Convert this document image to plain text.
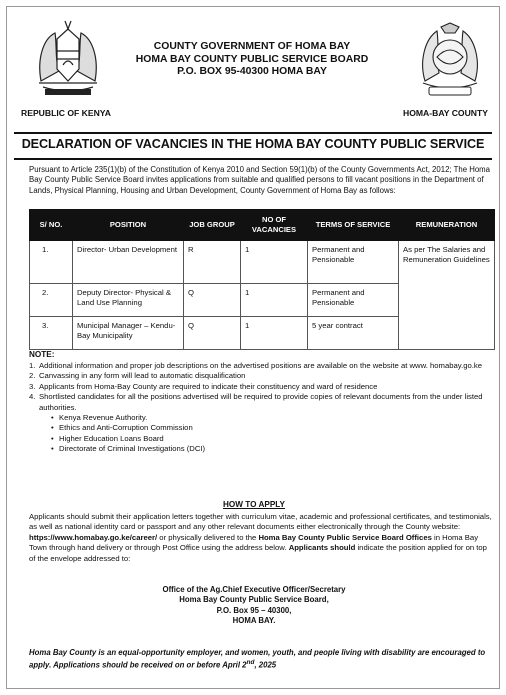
REPUBLIC OF KENYA
COUNTY GOVERNMENT OF HOMA BAY
HOMA BAY COUNTY PUBLIC SERVICE BOARD
P.O. BOX 95-40300 HOMA BAY
HOMA-BAY COUNTY
DECLARATION OF VACANCIES IN THE HOMA BAY COUNTY PUBLIC SERVICE
Pursuant to Article 235(1)(b) of the Constitution of Kenya 2010 and Section 59(1)(b) of the County Governments Act, 2012; The Homa Bay County Public Service Board invites applications from suitable and qualified persons to fill vacant positions in the Department of Lands, Physical Planning, Housing and Urban Development, County Government of Homa Bay as follows:
S/ NO.	POSITION	JOB GROUP	NO OF VACANCIES	TERMS OF SERVICE	REMUNERATION
1.	Director- Urban Development	R	1	Permanent and Pensionable	As per The Salaries and Remuneration Guidelines
2.	Deputy Director- Physical & Land Use Planning	Q	1	Permanent and Pensionable	
3.	Municipal Manager – Kendu-Bay Municipality	Q	1	5 year contract	
NOTE:
1. Additional information and proper job descriptions on the advertised positions are available on the website at www. homabay.go.ke
2. Canvassing in any form will lead to automatic disqualification
3. Applicants from Homa-Bay County are required to indicate their constituency and ward of residence
4. Shortlisted candidates for all the positions advertised will be required to provide copies of relevant documents from the under listed authorities.
• Kenya Revenue Authority.
• Ethics and Anti-Corruption Commission
• Higher Education Loans Board
• Directorate of Criminal Investigations (DCI)
HOW TO APPLY
Applicants should submit their application letters together with curriculum vitae, academic and professional certificates, and testimonials, as well as national identity card or passport and any other relevant documents either electronically through the County website: https://www.homabay.go.ke/career/ or physically delivered to the Homa Bay County Public Service Board Offices in Homa Bay Town through hand delivery or through Post Office using the address below. Applicants should indicate the position applied for on top of the envelope addressed to:
Office of the Ag.Chief Executive Officer/Secretary
Homa Bay County Public Service Board,
P.O. Box 95 – 40300,
HOMA BAY.
Homa Bay County is an equal-opportunity employer, and women, youth, and people living with disability are encouraged to apply. Applications should be received on or before April 2nd, 2025
